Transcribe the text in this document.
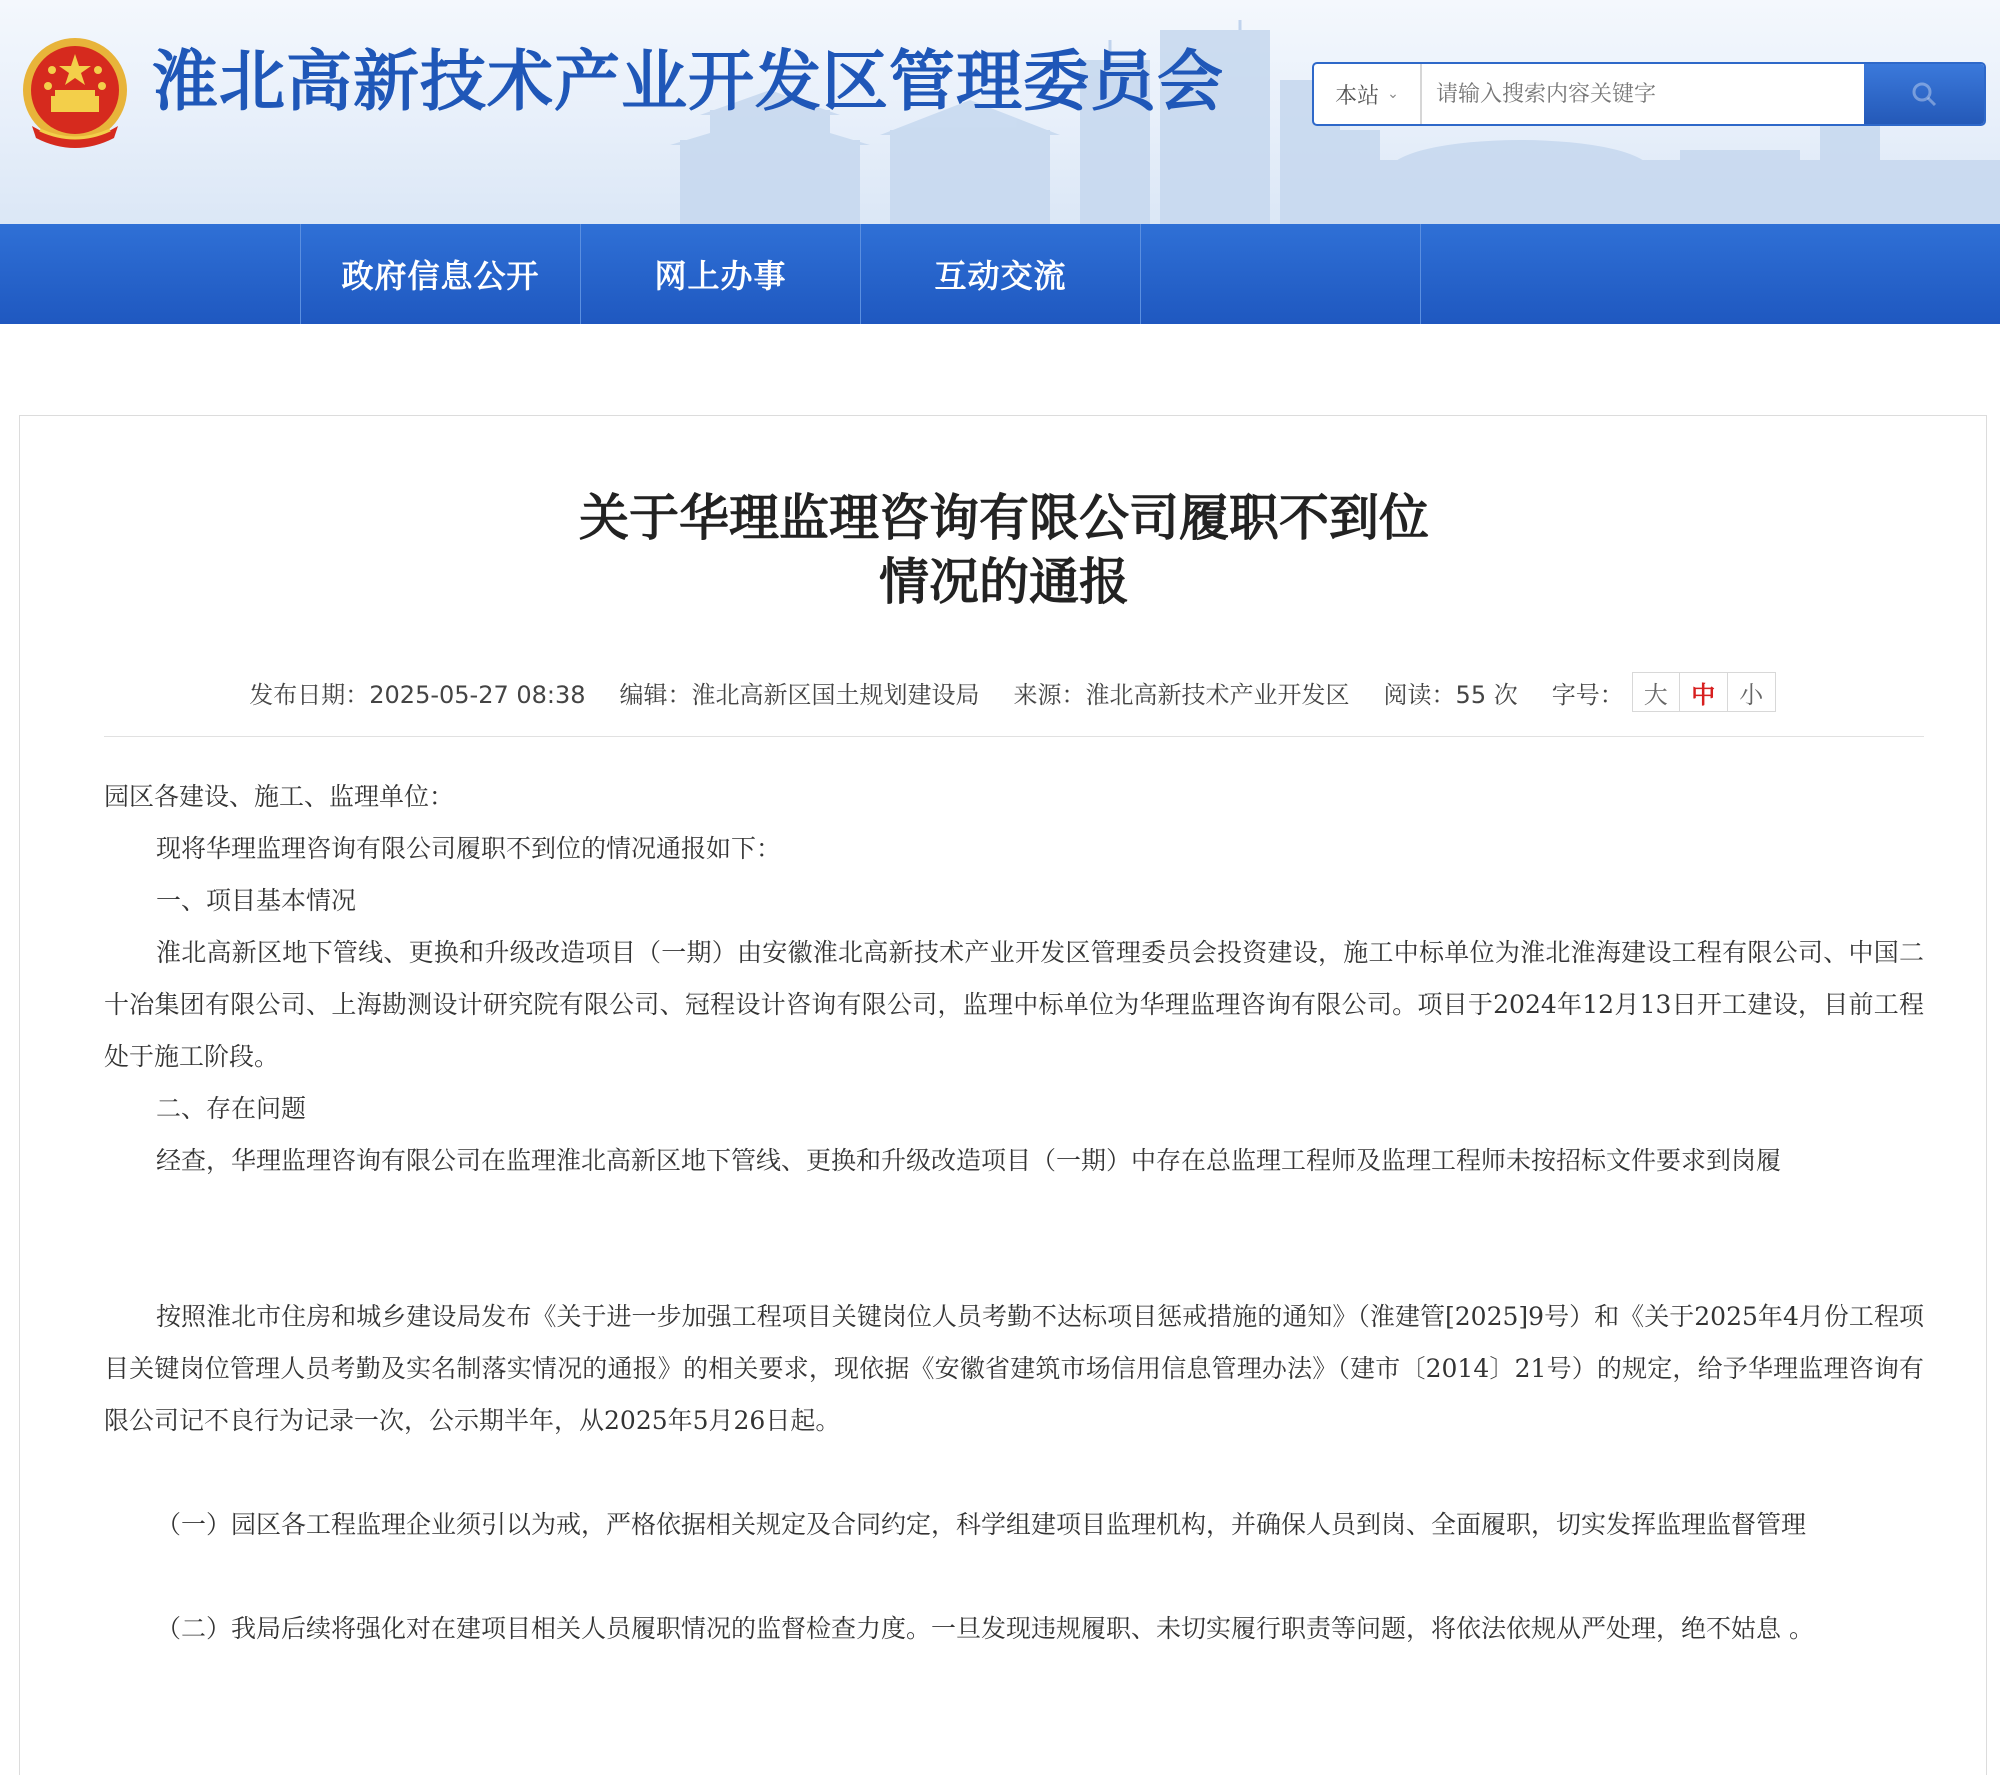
淮北高新技术产业开发区管理委员会	本站 ⌄
请输入搜索内容关键字
政府信息公开	网上办事	互动交流
关于华理监理咨询有限公司履职不到位
情况的通报
发布日期：2025-05-27 08:38 编辑：淮北高新区国土规划建设局 来源：淮北高新技术产业开发区 阅读：55 次 字号： 大 中	小

园区各建设、施工、监理单位：

现将华理监理咨询有限公司履职不到位的情况通报如下：

一、项目基本情况

淮北高新区地下管线、更换和升级改造项目（一期）由安徽淮北高新技术产业开发区管理委员会投资建设，施工中标单位为淮北淮海建设工程有限公司、中国二十冶集团有限公司、上海勘测设计研究院有限公司、冠程设计咨询有限公司，监理中标单位为华理监理咨询有限公司。项目于2024年12月13日开工建设，目前工程处于施工阶段。

二、存在问题

经查，华理监理咨询有限公司在监理淮北高新区地下管线、更换和升级改造项目（一期）中存在总监理工程师及监理工程师未按招标文件要求到岗履

按照淮北市住房和城乡建设局发布《关于进一步加强工程项目关键岗位人员考勤不达标项目惩戒措施的通知》（淮建管[2025]9号）和《关于2025年4月份工程项目关键岗位管理人员考勤及实名制落实情况的通报》的相关要求，现依据《安徽省建筑市场信用信息管理办法》（建市〔2014〕21号）的规定，给予华理监理咨询有限公司记不良行为记录一次，公示期半年，从2025年5月26日起。

（一）园区各工程监理企业须引以为戒，严格依据相关规定及合同约定，科学组建项目监理机构，并确保人员到岗、全面履职，切实发挥监理监督管理

（二）我局后续将强化对在建项目相关人员履职情况的监督检查力度。一旦发现违规履职、未切实履行职责等问题，将依法依规从严处理，绝不姑息 。
